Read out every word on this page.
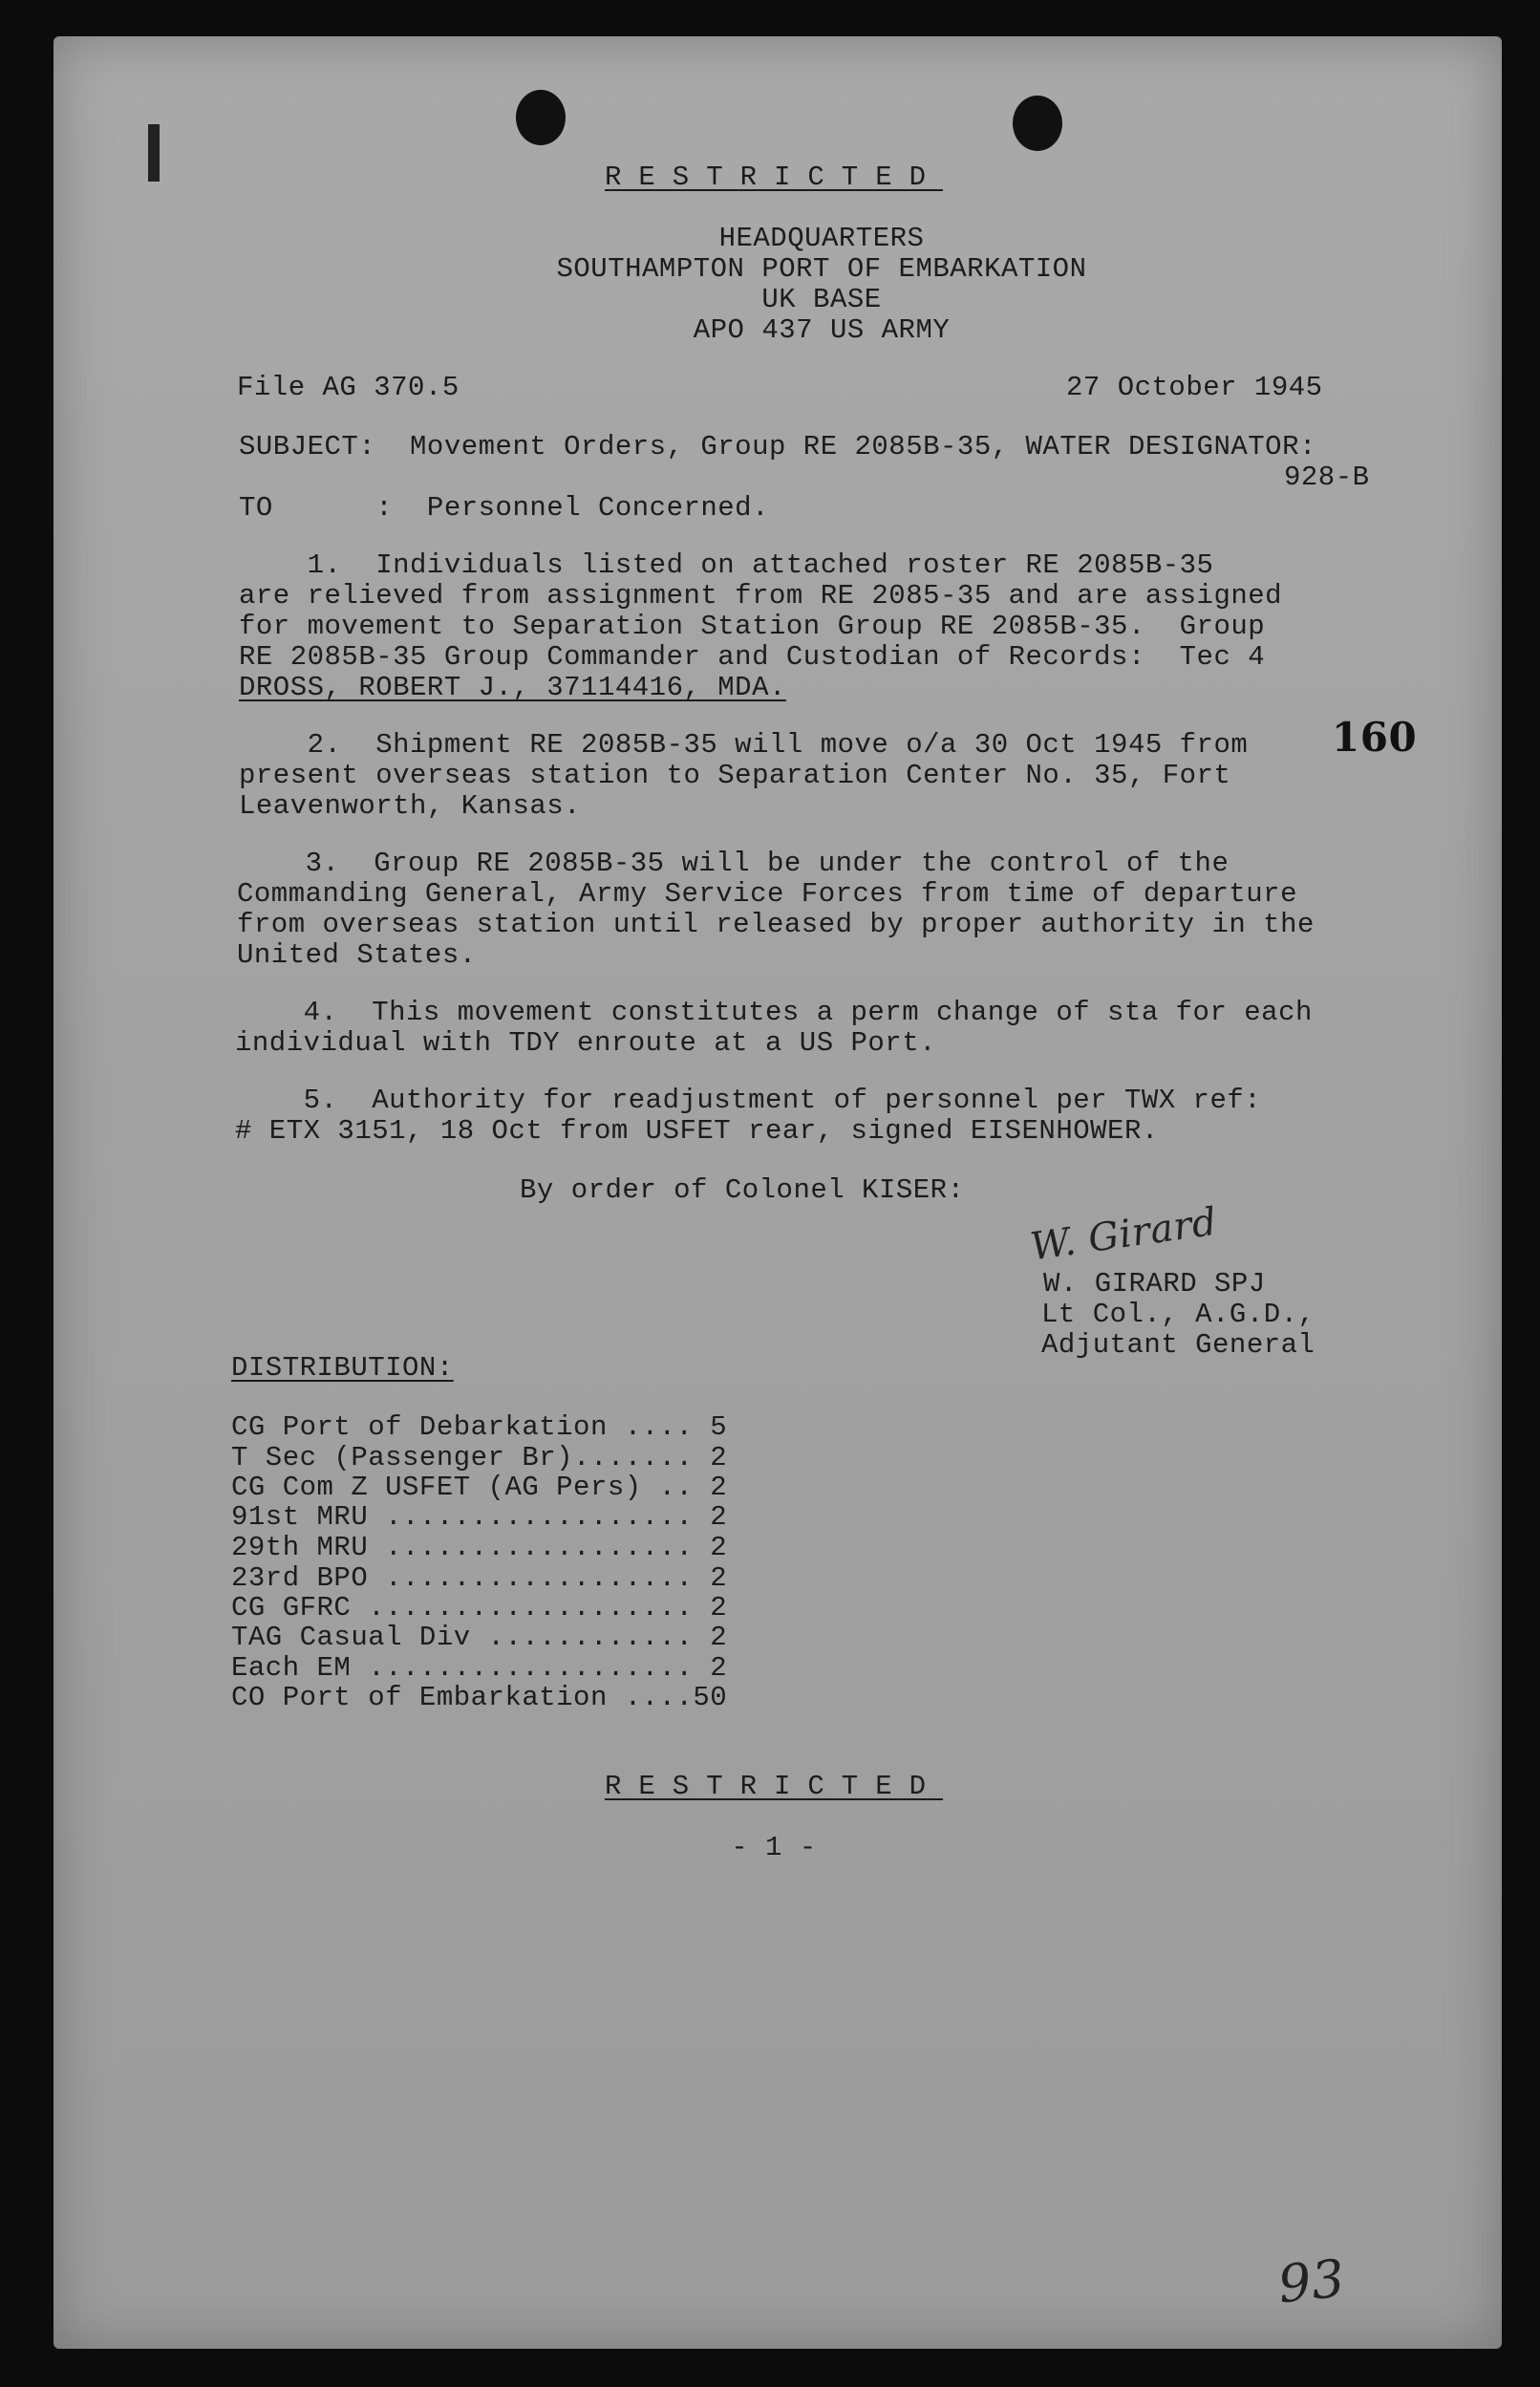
RESTRICTED
HEADQUARTERS
SOUTHAMPTON PORT OF EMBARKATION
UK BASE
APO 437 US ARMY
File AG 370.5	27 October 1945
SUBJECT:  Movement Orders, Group RE 2085B-35, WATER DESIGNATOR:
928-B
TO      :  Personnel Concerned.
1.  Individuals listed on attached roster RE 2085B-35
are relieved from assignment from RE 2085-35 and are assigned
for movement to Separation Station Group RE 2085B-35.  Group
RE 2085B-35 Group Commander and Custodian of Records:  Tec 4
DROSS, ROBERT J., 37114416, MDA.
2.  Shipment RE 2085B-35 will move o/a 30 Oct 1945 from
present overseas station to Separation Center No. 35, Fort
Leavenworth, Kansas.
160
3.  Group RE 2085B-35 will be under the control of the
Commanding General, Army Service Forces from time of departure
from overseas station until released by proper authority in the
United States.
4.  This movement constitutes a perm change of sta for each
individual with TDY enroute at a US Port.
5.  Authority for readjustment of personnel per TWX ref:
# ETX 3151, 18 Oct from USFET rear, signed EISENHOWER.
By order of Colonel KISER:
W. Girard
W. GIRARD SPJ
Lt Col., A.G.D.,
Adjutant General
DISTRIBUTION:
CG Port of Debarkation .... 5
T Sec (Passenger Br)....... 2
CG Com Z USFET (AG Pers) .. 2
91st MRU .................. 2
29th MRU .................. 2
23rd BPO .................. 2
CG GFRC ................... 2
TAG Casual Div ............ 2
Each EM ................... 2
CO Port of Embarkation ....50
RESTRICTED
- 1 -
93
